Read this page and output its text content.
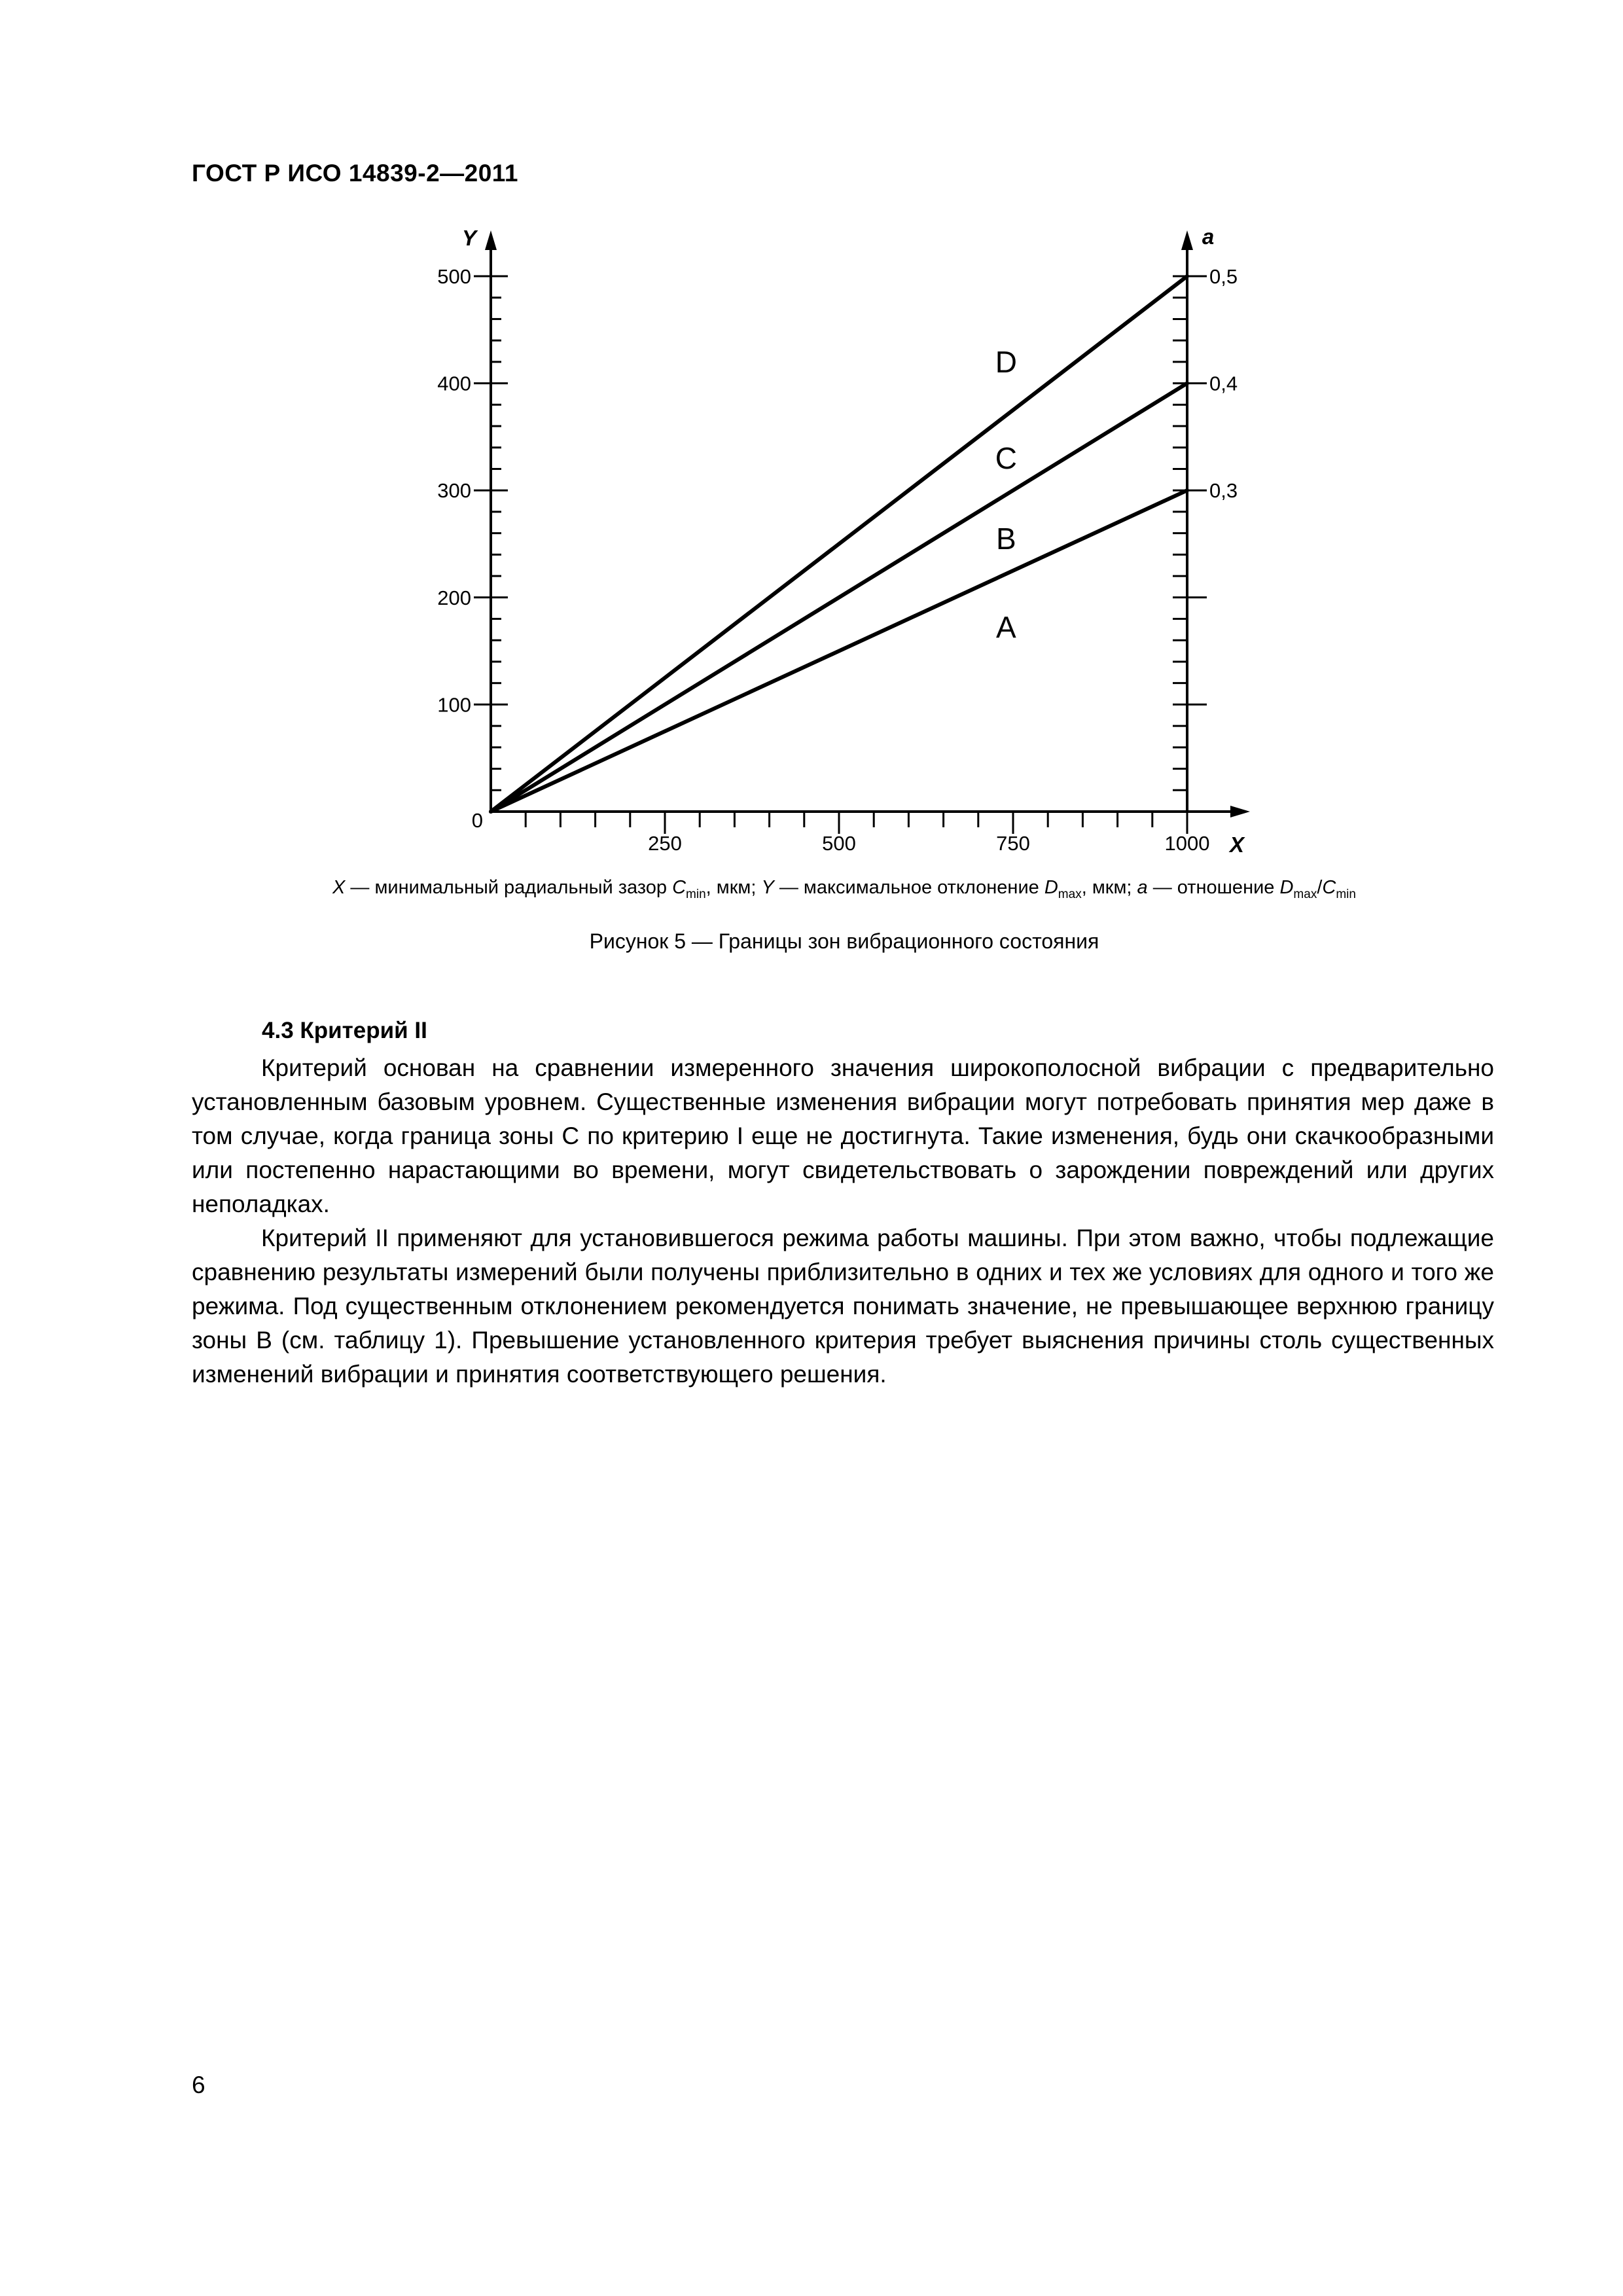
ГОСТ Р ИСО 14839-2—2011
0
100
200
300
400
500
250	500	750	1000
0,3
0,4
0,5
Y	a
X
D
C
B
A
X — минимальный радиальный зазор $C_{min}$, мкм; Y — максимальное отклонение $D_{max}$, мкм; a — отношение $D_{max}/C_{min}$
Рисунок 5 — Границы зон вибрационного состояния
4.3 Критерий II

Критерий основан на сравнении измеренного значения широкополосной вибрации с предварительно установленным базовым уровнем. Существенные изменения вибрации могут потребовать принятия мер даже в том случае, когда граница зоны С по критерию I еще не достигнута. Такие изменения, будь они скачкообразными или постепенно нарастающими во времени, могут свидетельствовать о зарождении повреждений или других неполадках.

Критерий II применяют для установившегося режима работы машины. При этом важно, чтобы подлежащие сравнению результаты измерений были получены приблизительно в одних и тех же условиях для одного и того же режима. Под существенным отклонением рекомендуется понимать значение, не превышающее верхнюю границу зоны В (см. таблицу 1). Превышение установленного критерия требует выяснения причины столь существенных изменений вибрации и принятия соответствующего решения.

6
